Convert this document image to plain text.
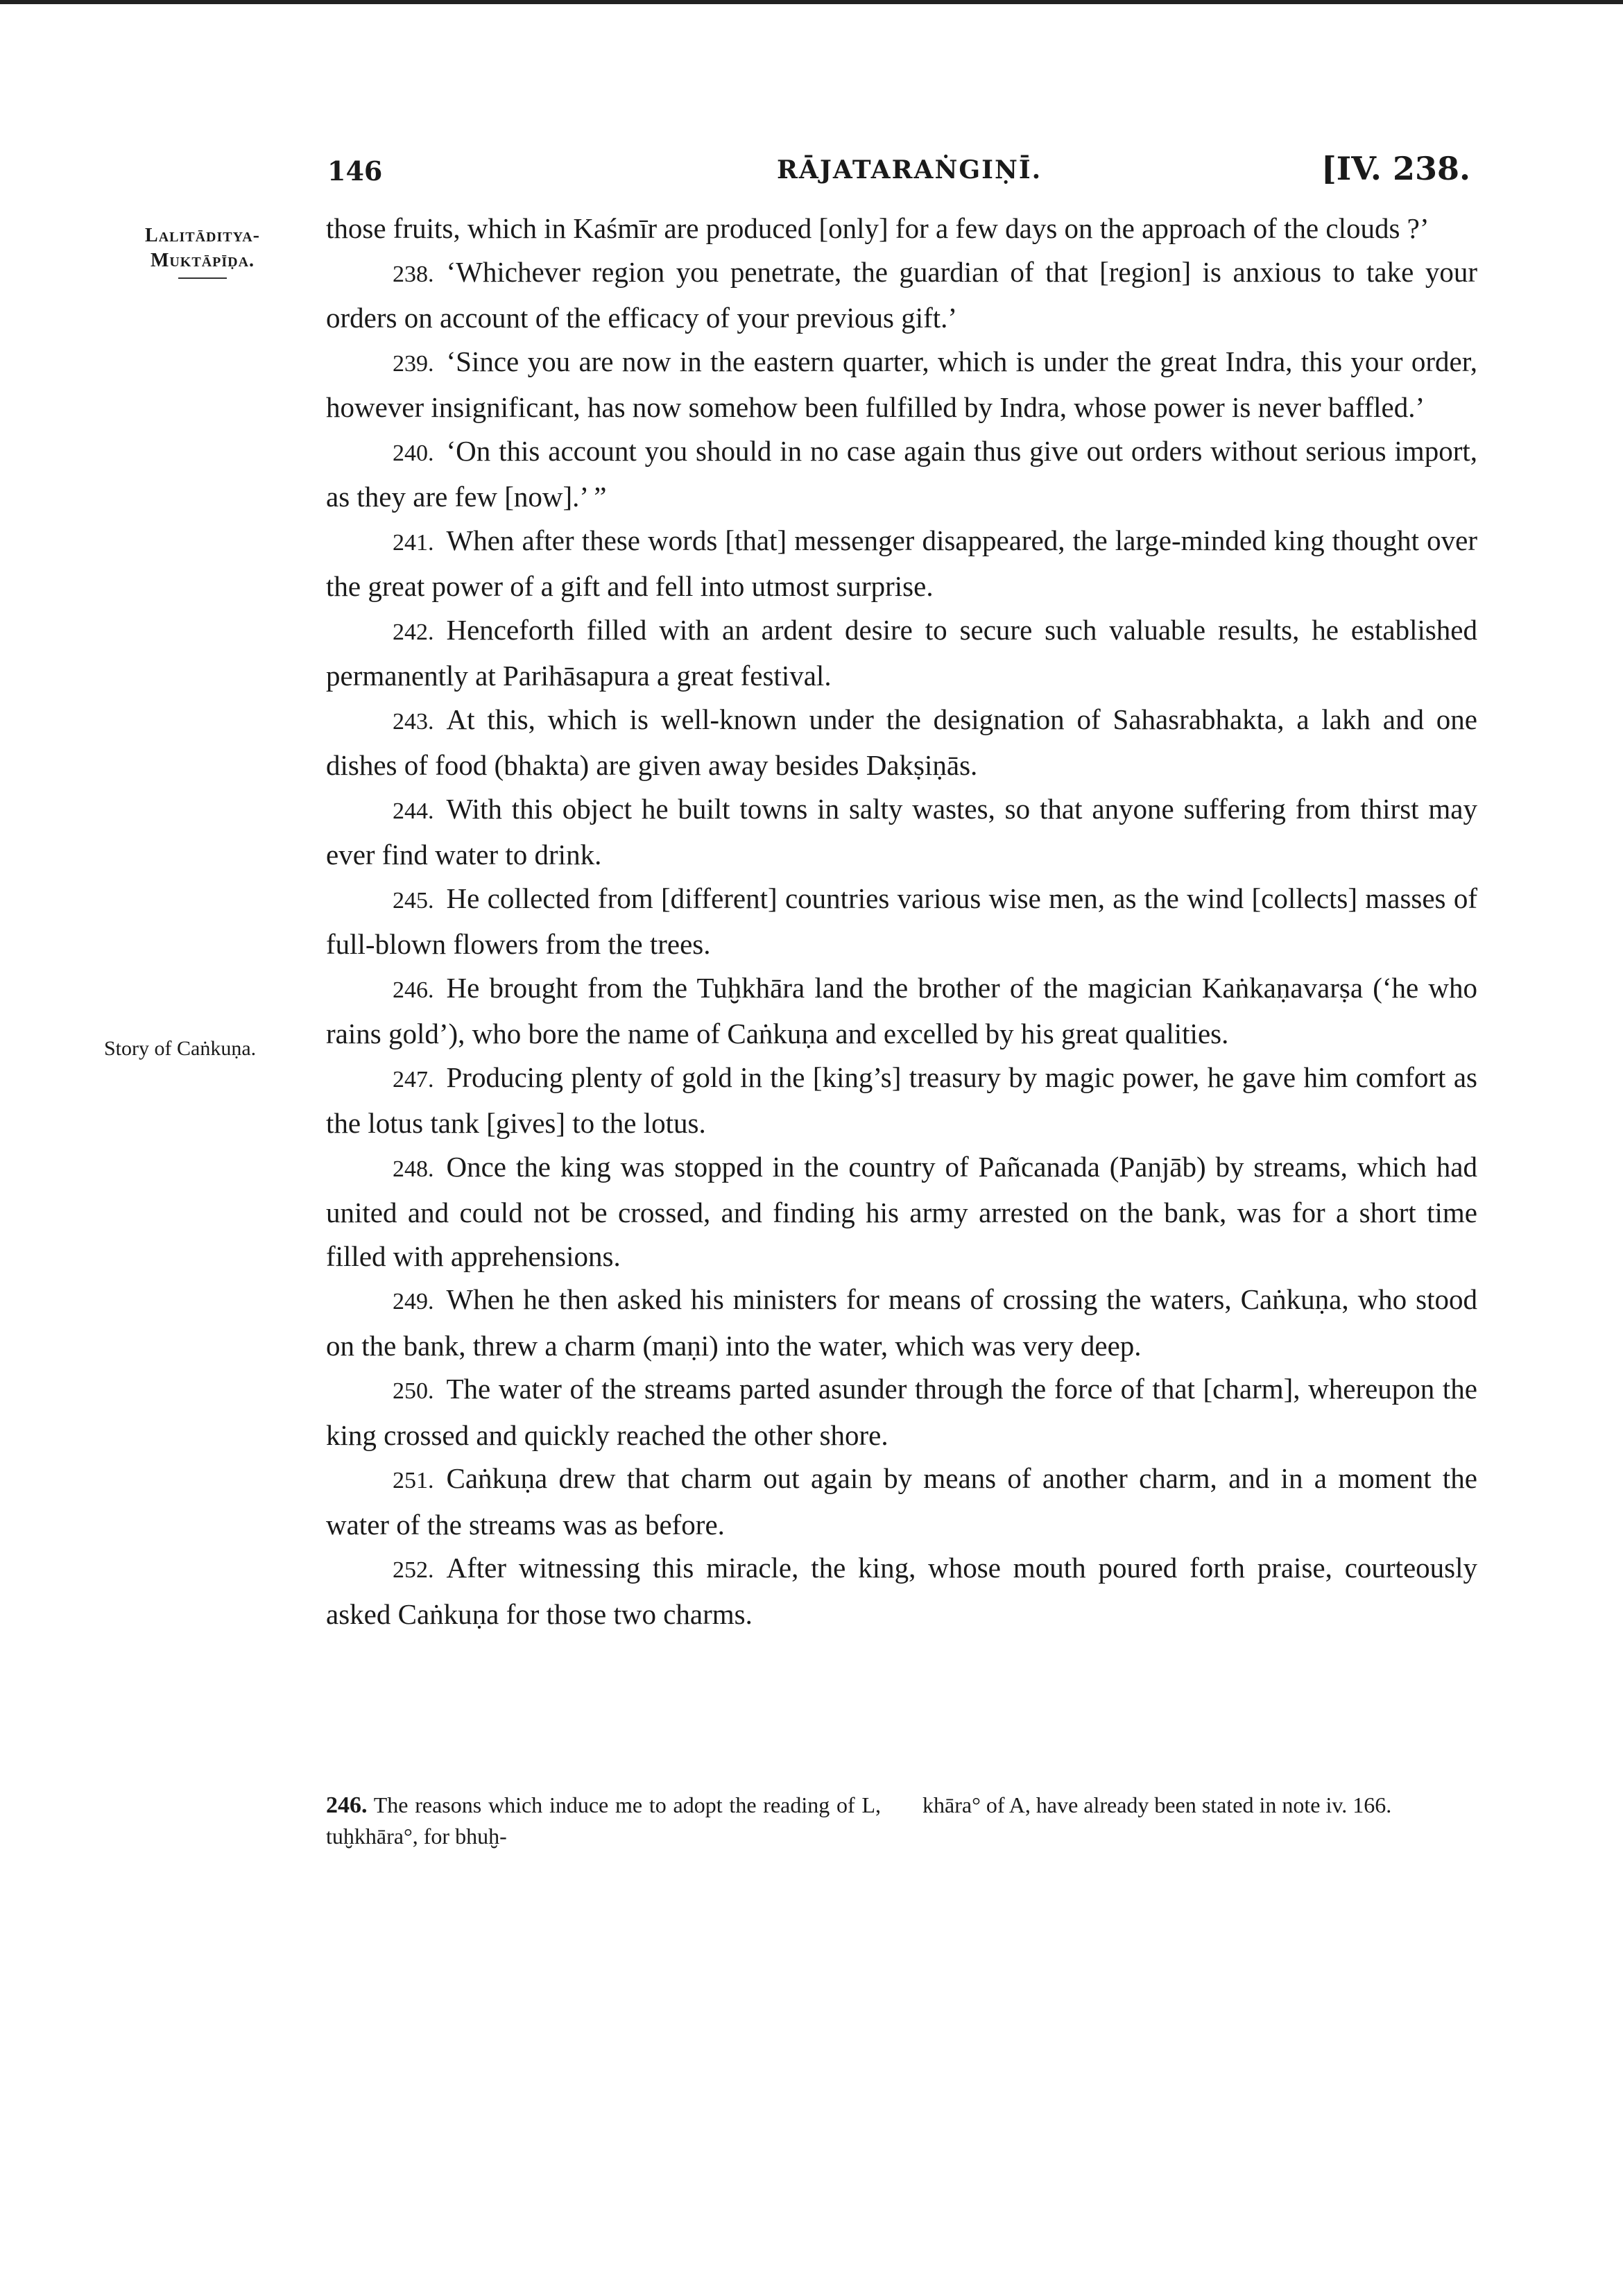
146	RĀJATARAṄGIṆĪ.	[IV. 238.
Lalitāditya-
Muktāpīḍa.
Story of Caṅkuṇa.

those fruits, which in Kaśmīr are produced [only] for a few days on the approach of the clouds ?’

238. ‘Whichever region you penetrate, the guardian of that [region] is anxious to take your orders on account of the efficacy of your previous gift.’

239. ‘Since you are now in the eastern quarter, which is under the great Indra, this your order, however insignificant, has now somehow been fulfilled by Indra, whose power is never baffled.’

240. ‘On this account you should in no case again thus give out orders without serious import, as they are few [now].’ ”

241. When after these words [that] messenger disappeared, the large-minded king thought over the great power of a gift and fell into utmost surprise.

242. Henceforth filled with an ardent desire to secure such valuable results, he established permanently at Parihāsapura a great festival.

243. At this, which is well-known under the designation of Sahasrabhakta, a lakh and one dishes of food (bhakta) are given away besides Dakṣiṇās.

244. With this object he built towns in salty wastes, so that anyone suffering from thirst may ever find water to drink.

245. He collected from [different] countries various wise men, as the wind [collects] masses of full-blown flowers from the trees.

246. He brought from the Tuḫkhāra land the brother of the magician Kaṅkaṇavarṣa (‘he who rains gold’), who bore the name of Caṅkuṇa and excelled by his great qualities.

247. Producing plenty of gold in the [king’s] treasury by magic power, he gave him comfort as the lotus tank [gives] to the lotus.

248. Once the king was stopped in the country of Pañcanada (Panjāb) by streams, which had united and could not be crossed, and finding his army arrested on the bank, was for a short time filled with apprehensions.

249. When he then asked his ministers for means of crossing the waters, Caṅkuṇa, who stood on the bank, threw a charm (maṇi) into the water, which was very deep.

250. The water of the streams parted asunder through the force of that [charm], whereupon the king crossed and quickly reached the other shore.

251. Caṅkuṇa drew that charm out again by means of another charm, and in a moment the water of the streams was as before.

252. After witnessing this miracle, the king, whose mouth poured forth praise, courteously asked Caṅkuṇa for those two charms.

246. The reasons which induce me to adopt the reading of L, tuḫkhāra°, for bhuḫ-
khāra° of A, have already been stated in note iv. 166.
